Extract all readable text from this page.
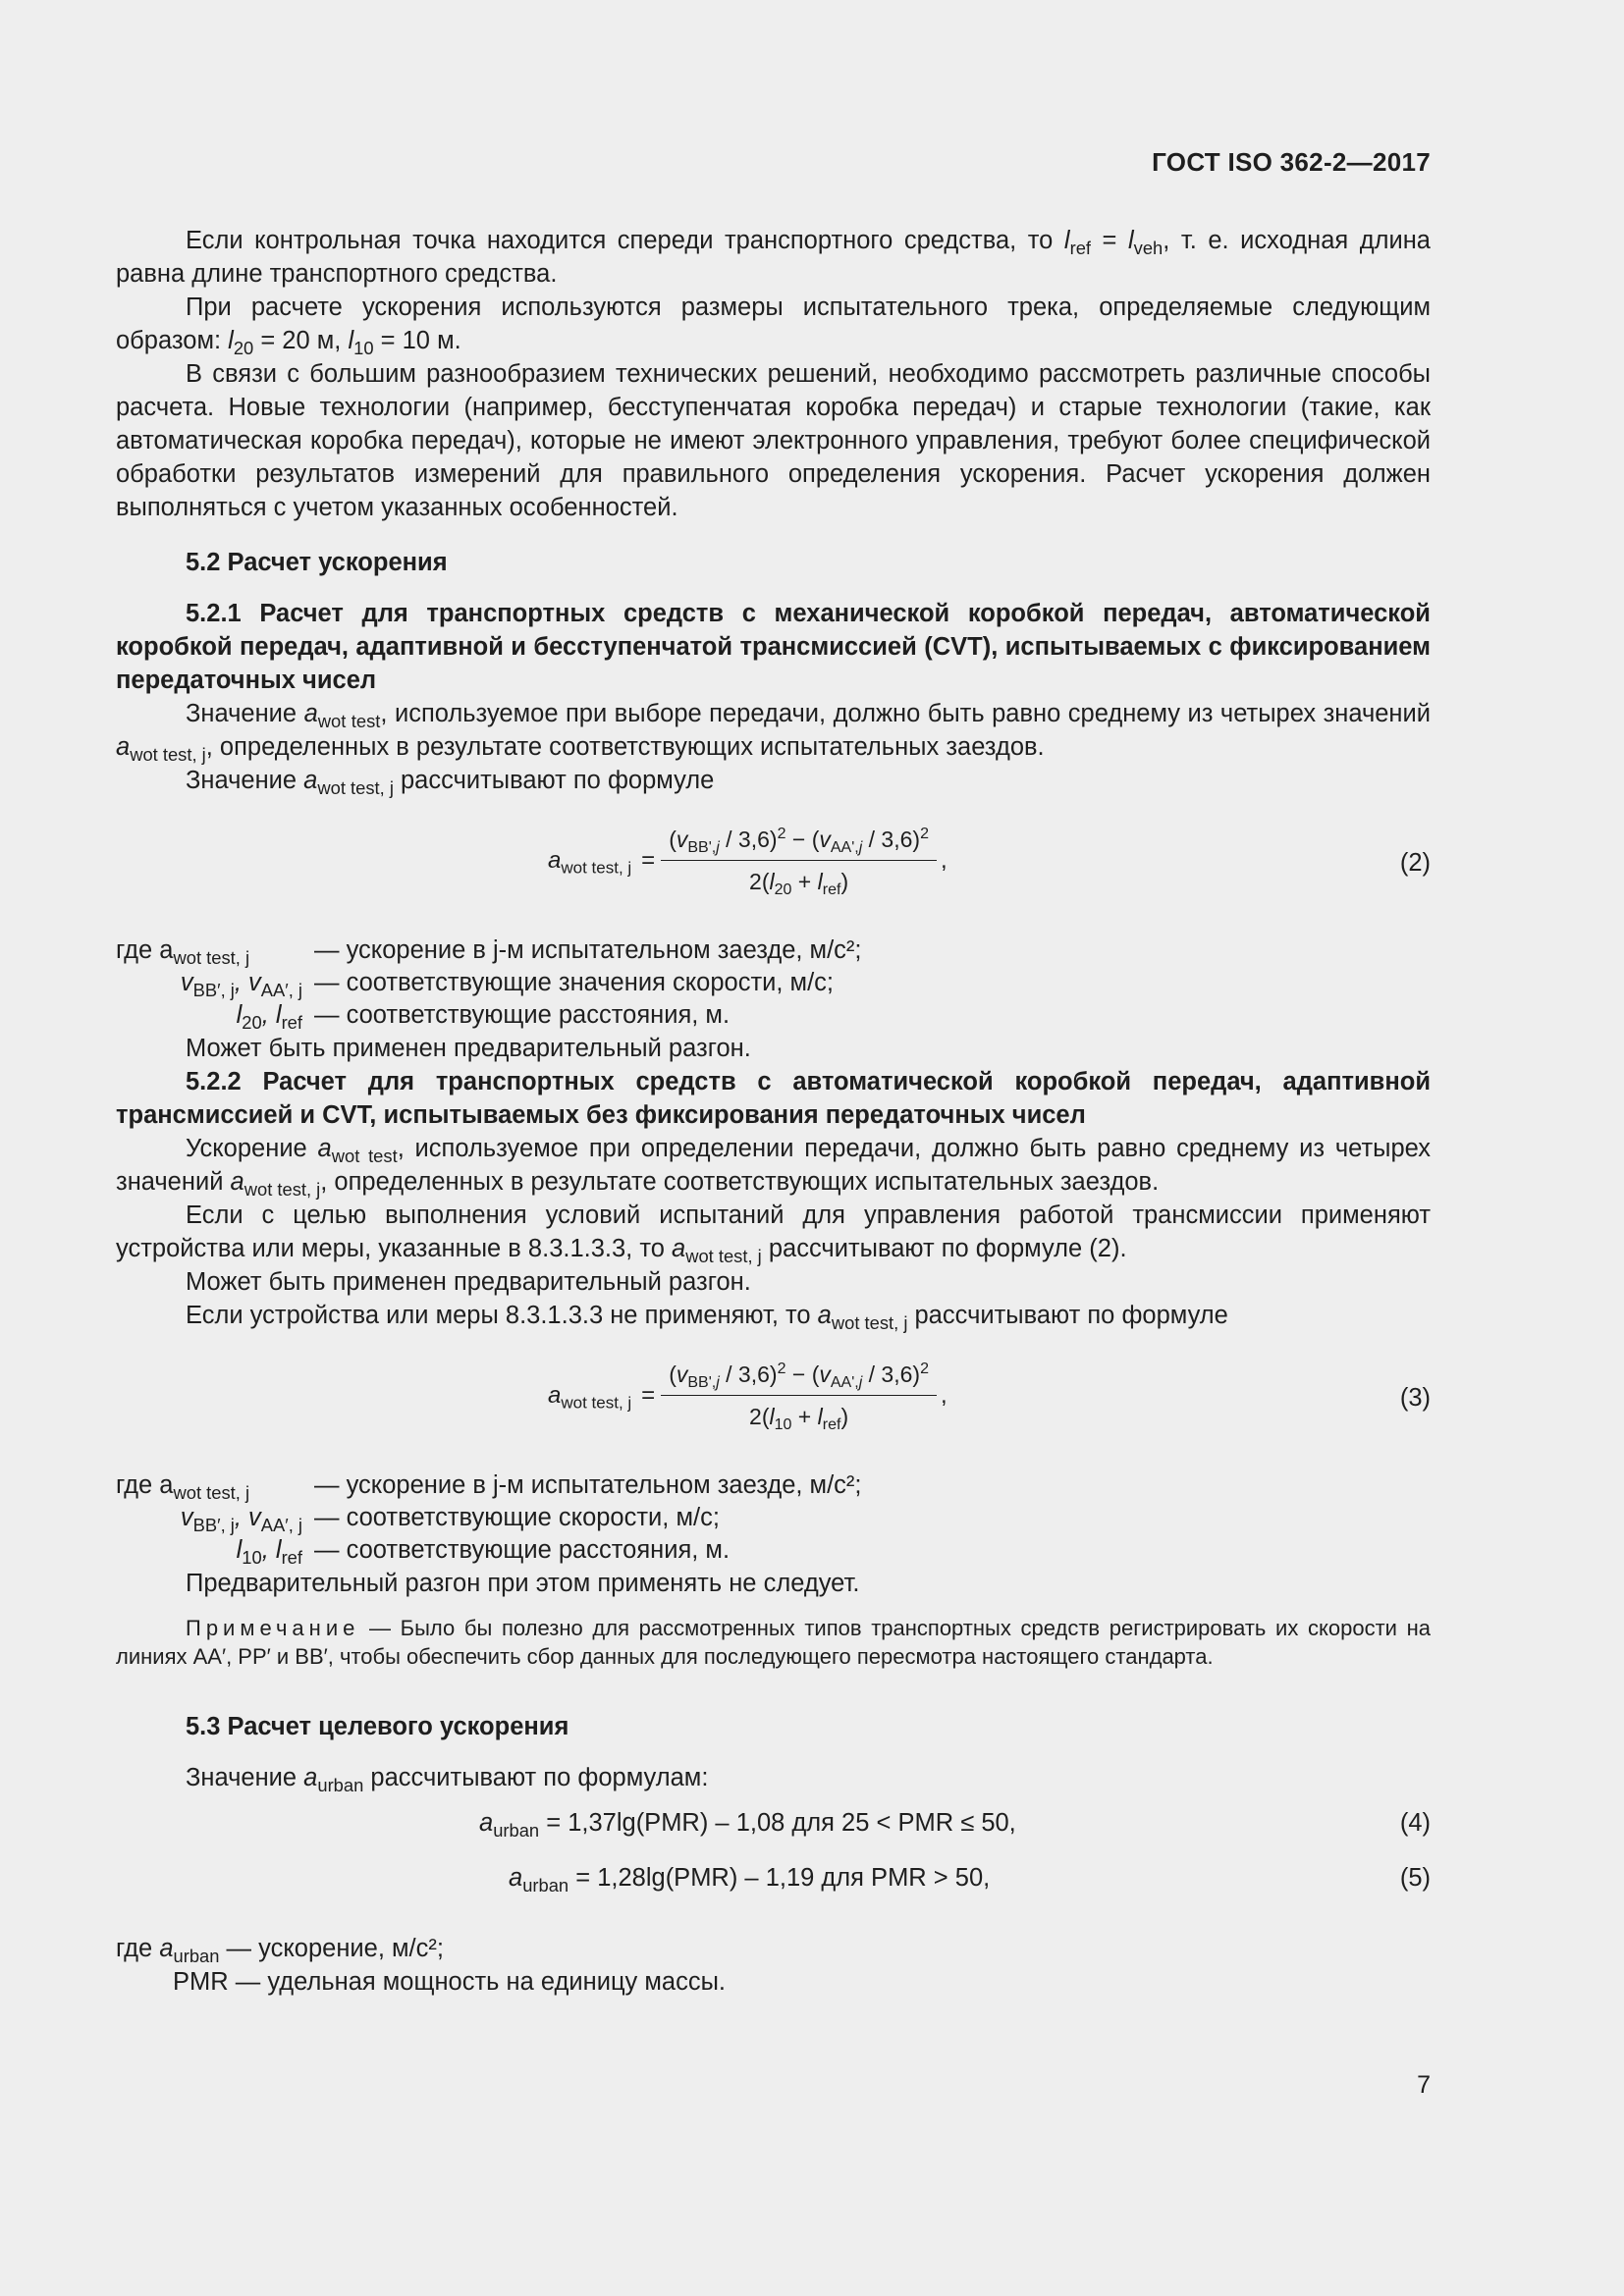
ГОСТ ISO 362-2—2017

Если контрольная точка находится спереди транспортного средства, то $l_{ref} = l_{veh}$, т. е. исходная длина равна длине транспортного средства.

При расчете ускорения используются размеры испытательного трека, определяемые следующим образом: $l_{20} = 20$ м, $l_{10} = 10$ м.

В связи с большим разнообразием технических решений, необходимо рассмотреть различные способы расчета. Новые технологии (например, бесступенчатая коробка передач) и старые технологии (такие, как автоматическая коробка передач), которые не имеют электронного управления, требуют более специфической обработки результатов измерений для правильного определения ускорения. Расчет ускорения должен выполняться с учетом указанных особенностей.

5.2 Расчет ускорения

5.2.1 Расчет для транспортных средств с механической коробкой передач, автоматической коробкой передач, адаптивной и бесступенчатой трансмиссией (CVT), испытываемых с фиксированием передаточных чисел

Значение $a_{wot test}$, используемое при выборе передачи, должно быть равно среднему из четырех значений $a_{wot test, j}$, определенных в результате соответствующих испытательных заездов.

Значение $a_{wot test, j}$ рассчитывают по формуле

$a_{wot test, j} = \frac{(v_{BB',j} / 3,6)^2 - (v_{AA',j} / 3,6)^2}{2(l_{20} + l_{ref})}$ ,	(2)
где $a_{wot test, j}$	— ускорение в j-м испытательном заезде, м/с²;
$v_{BB', j}$, $v_{AA', j}$ — соответствующие значения скорости, м/с;
$l_{20}$, $l_{ref}$ — соответствующие расстояния, м.

Может быть применен предварительный разгон.

5.2.2 Расчет для транспортных средств с автоматической коробкой передач, адаптивной трансмиссией и CVT, испытываемых без фиксирования передаточных чисел

Ускорение $a_{wot test}$, используемое при определении передачи, должно быть равно среднему из четырех значений $a_{wot test, j}$, определенных в результате соответствующих испытательных заездов.

Если с целью выполнения условий испытаний для управления работой трансмиссии применяют устройства или меры, указанные в 8.3.1.3.3, то $a_{wot test, j}$ рассчитывают по формуле (2).

Может быть применен предварительный разгон.

Если устройства или меры 8.3.1.3.3 не применяют, то $a_{wot test, j}$ рассчитывают по формуле

$a_{wot test, j} = \frac{(v_{BB',j} / 3,6)^2 - (v_{AA',j} / 3,6)^2}{2(l_{10} + l_{ref})}$ ,	(3)
где $a_{wot test, j}$	— ускорение в j-м испытательном заезде, м/с²;
$v_{BB', j}$, $v_{AA', j}$ — соответствующие скорости, м/с;
$l_{10}$, $l_{ref}$ — соответствующие расстояния, м.

Предварительный разгон при этом применять не следует.

Примечание — Было бы полезно для рассмотренных типов транспортных средств регистрировать их скорости на линиях AA′, PP′ и BB′, чтобы обеспечить сбор данных для последующего пересмотра настоящего стандарта.

5.3 Расчет целевого ускорения

Значение $a_{urban}$ рассчитывают по формулам:

$a_{urban} = 1,37\lg(PMR) - 1,08$ для 25 < PMR ≤ 50,	(4)
$a_{urban} = 1,28\lg(PMR) - 1,19$ для PMR > 50,	(5)

где $a_{urban}$ — ускорение, м/с²;

PMR — удельная мощность на единицу массы.

7
